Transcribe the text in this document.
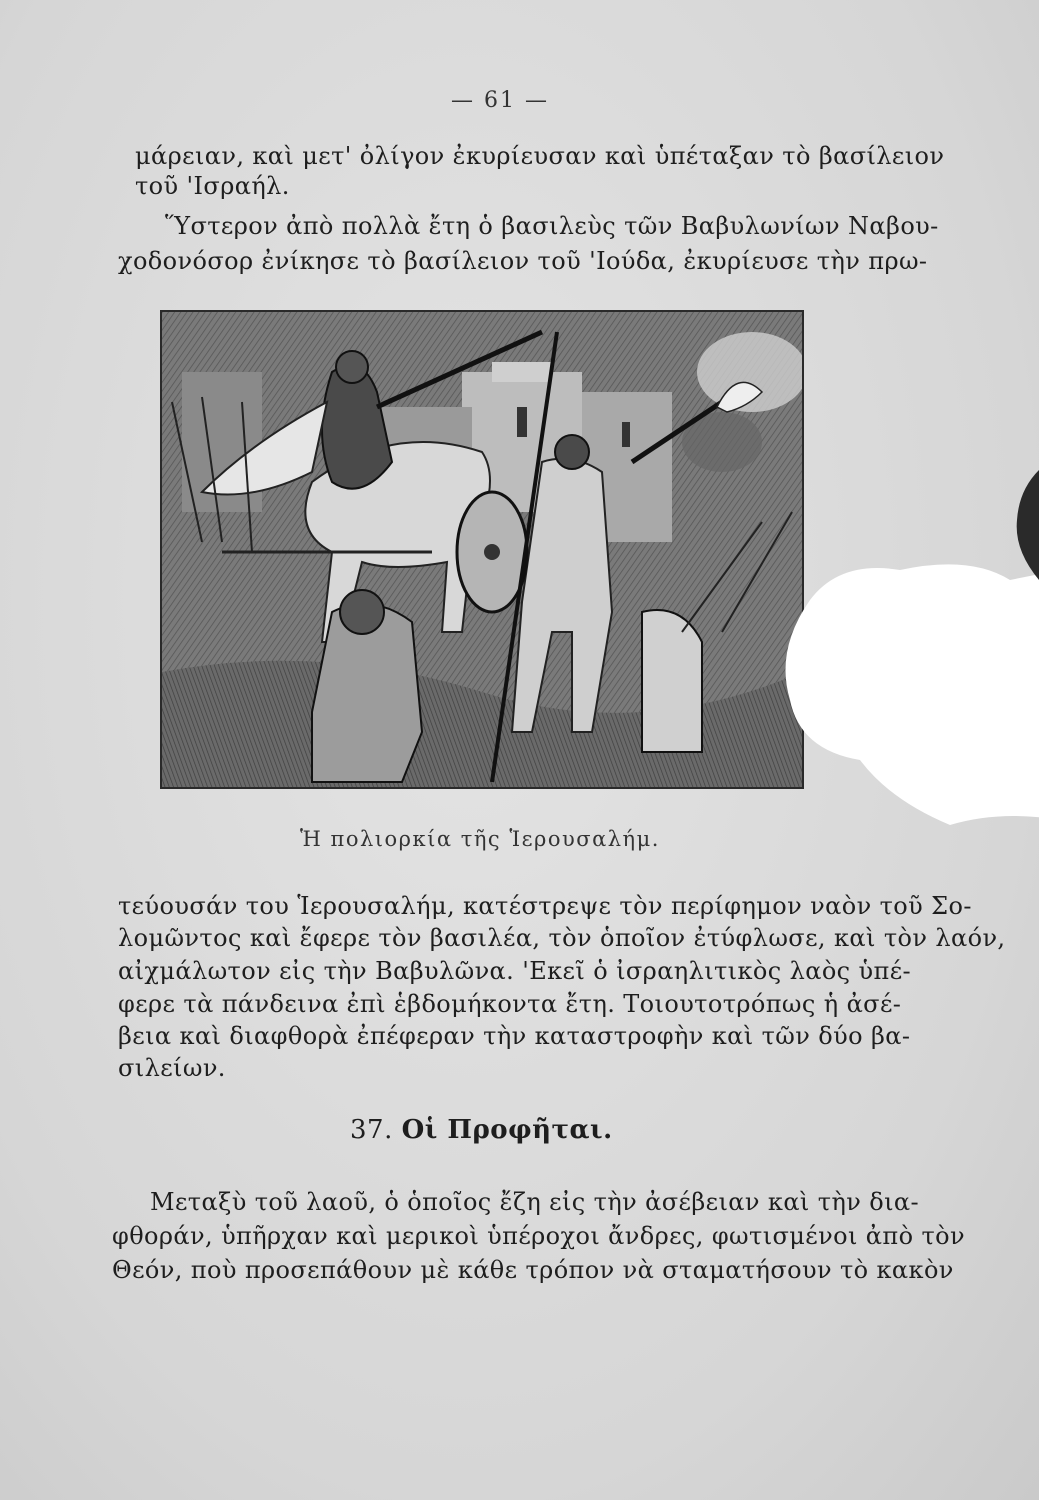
— 61 —
μάρειαν, καὶ μετ' ὀλίγον ἐκυρίευσαν καὶ ὑπέταξαν τὸ βασίλειον
τοῦ 'Ισραήλ.
Ὕστερον ἀπὸ πολλὰ ἔτη ὁ βασιλεὺς τῶν Βαβυλωνίων Ναβου-
χοδονόσορ ἐνίκησε τὸ βασίλειον τοῦ 'Ιούδα, ἐκυρίευσε τὴν πρω-
Ἡ πολιορκία τῆς Ἱερουσαλήμ.
τεύουσάν του Ἱερουσαλήμ, κατέστρεψε τὸν περίφημον ναὸν τοῦ Σο-
λομῶντος καὶ ἔφερε τὸν βασιλέα, τὸν ὁποῖον ἐτύφλωσε, καὶ τὸν λαόν,
αἰχμάλωτον εἰς τὴν Βαβυλῶνα. 'Εκεῖ ὁ ἰσραηλιτικὸς λαὸς ὑπέ-
φερε τὰ πάνδεινα ἐπὶ ἑβδομήκοντα ἔτη. Τοιουτοτρόπως ἡ ἀσέ-
βεια καὶ διαφθορὰ ἐπέφεραν τὴν καταστροφὴν καὶ τῶν δύο βα-
σιλείων.
37. Οἱ Προφῆται.
Μεταξὺ τοῦ λαοῦ, ὁ ὁποῖος ἔζη εἰς τὴν ἀσέβειαν καὶ τὴν δια-
φθοράν, ὑπῆρχαν καὶ μερικοὶ ὑπέροχοι ἄνδρες, φωτισμένοι ἀπὸ τὸν
Θεόν, ποὺ προσεπάθουν μὲ κάθε τρόπον νὰ σταματήσουν τὸ κακὸν
